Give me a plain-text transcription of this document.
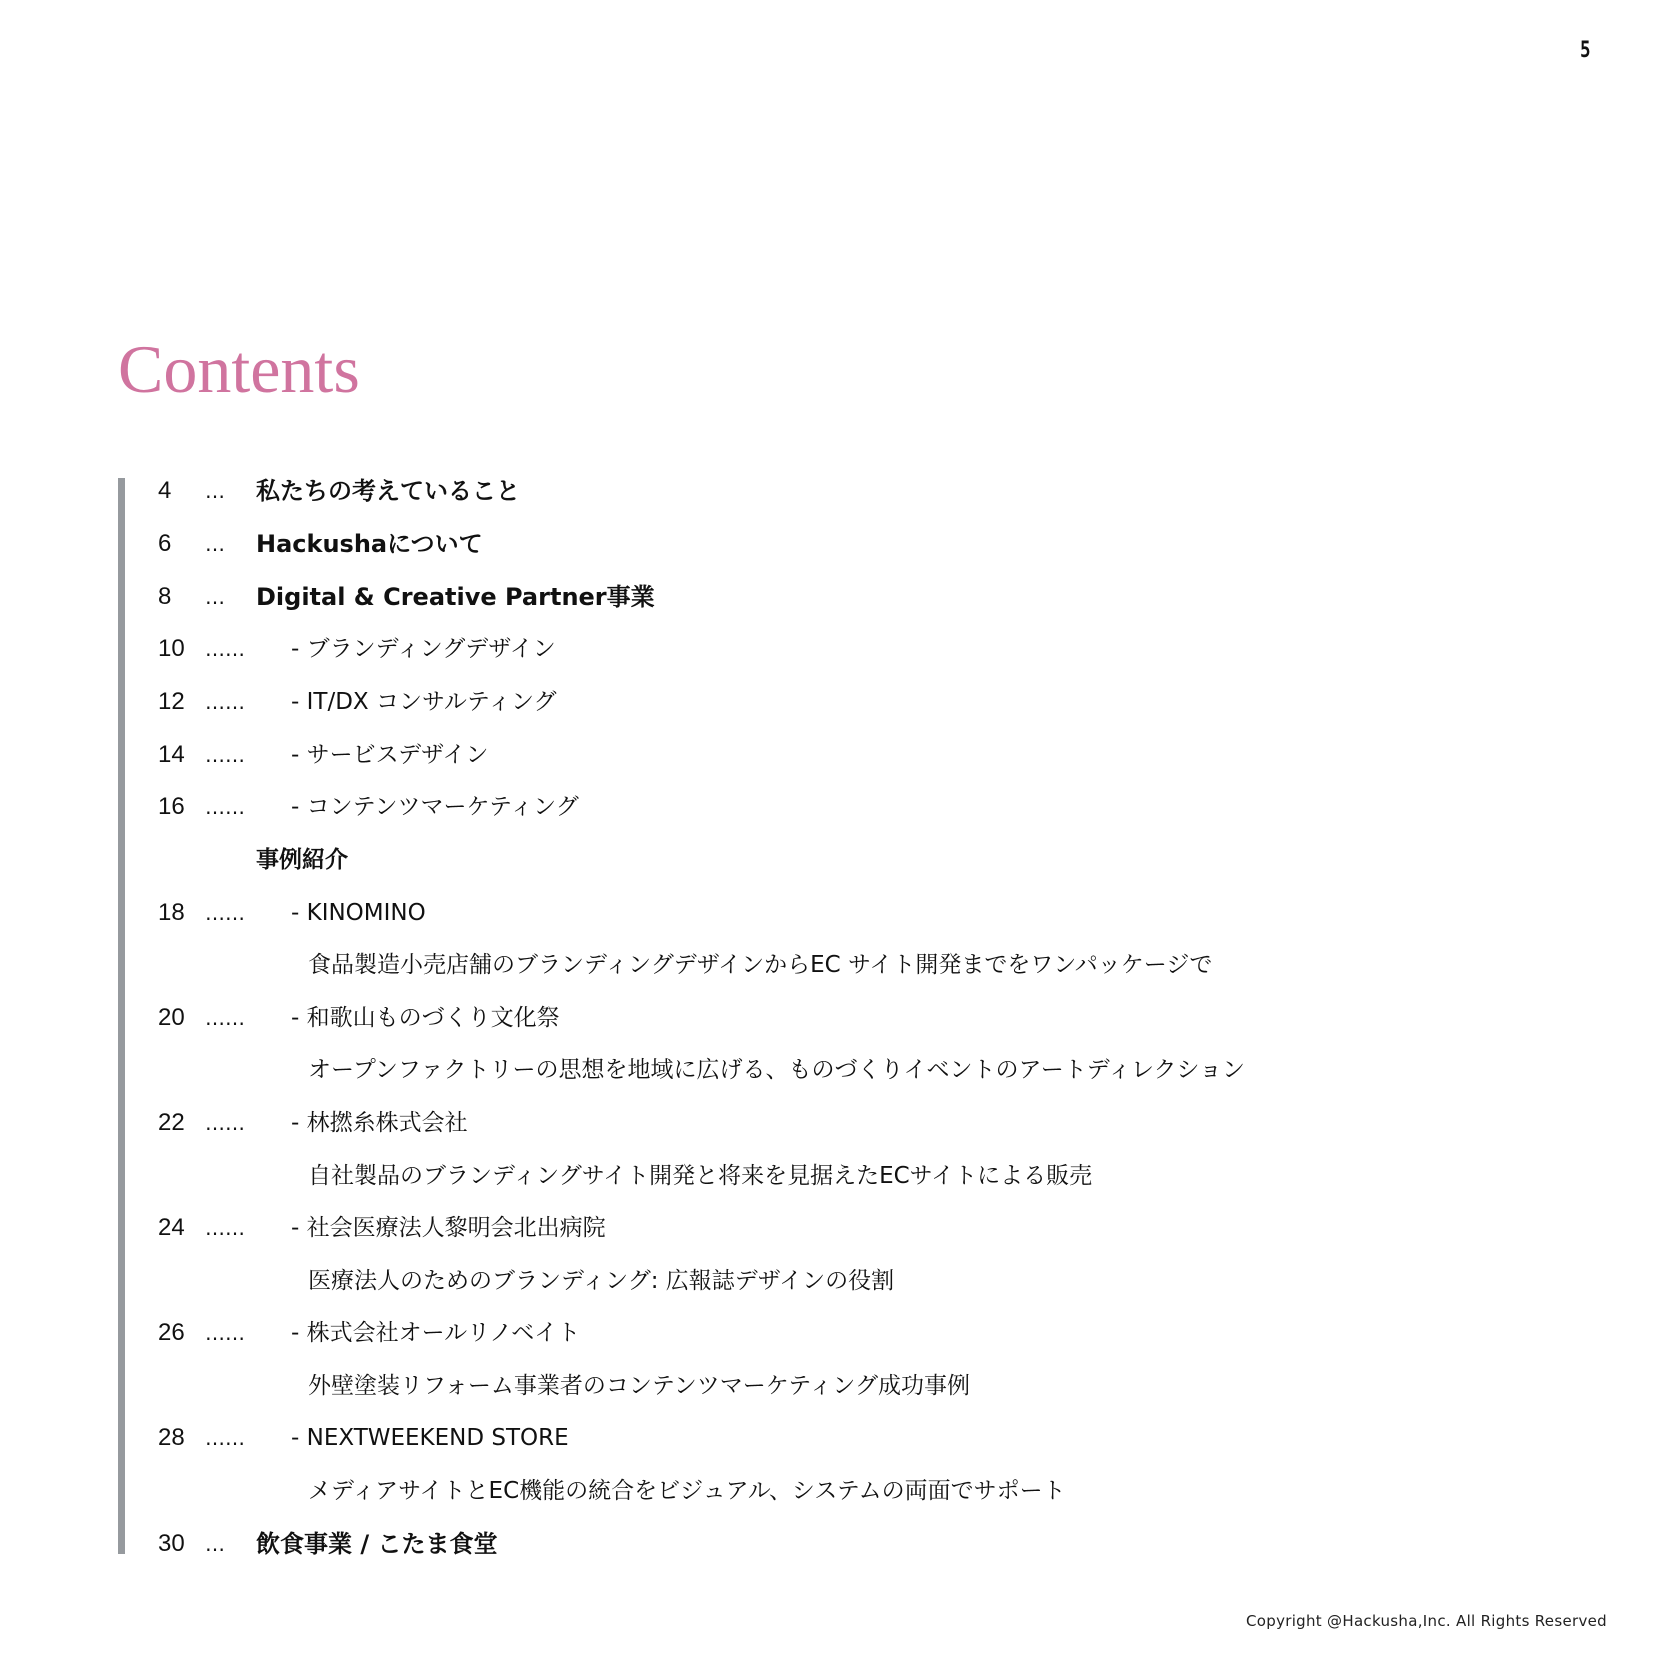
5
Contents
4	… 私たちの考えていること
6	… Hackushaについて
8	… Digital & Creative Partner事業
10	…… - ブランディングデザイン
12	…… - IT/DX コンサルティング
14	…… - サービスデザイン
16	…… - コンテンツマーケティング
事例紹介
18	…… - KINOMINO
食品製造小売店舗のブランディングデザインからEC サイト開発までをワンパッケージで
20	…… - 和歌山ものづくり文化祭
オープンファクトリーの思想を地域に広げる、ものづくりイベントのアートディレクション
22	…… - 林撚糸株式会社
自社製品のブランディングサイト開発と将来を見据えたECサイトによる販売
24	…… - 社会医療法人黎明会北出病院
医療法人のためのブランディング: 広報誌デザインの役割
26	…… - 株式会社オールリノベイト
外壁塗装リフォーム事業者のコンテンツマーケティング成功事例
28	…… - NEXTWEEKEND STORE
メディアサイトとEC機能の統合をビジュアル、システムの両面でサポート
30	… 飲食事業 / こたま食堂
Copyright @Hackusha,Inc. All Rights Reserved
